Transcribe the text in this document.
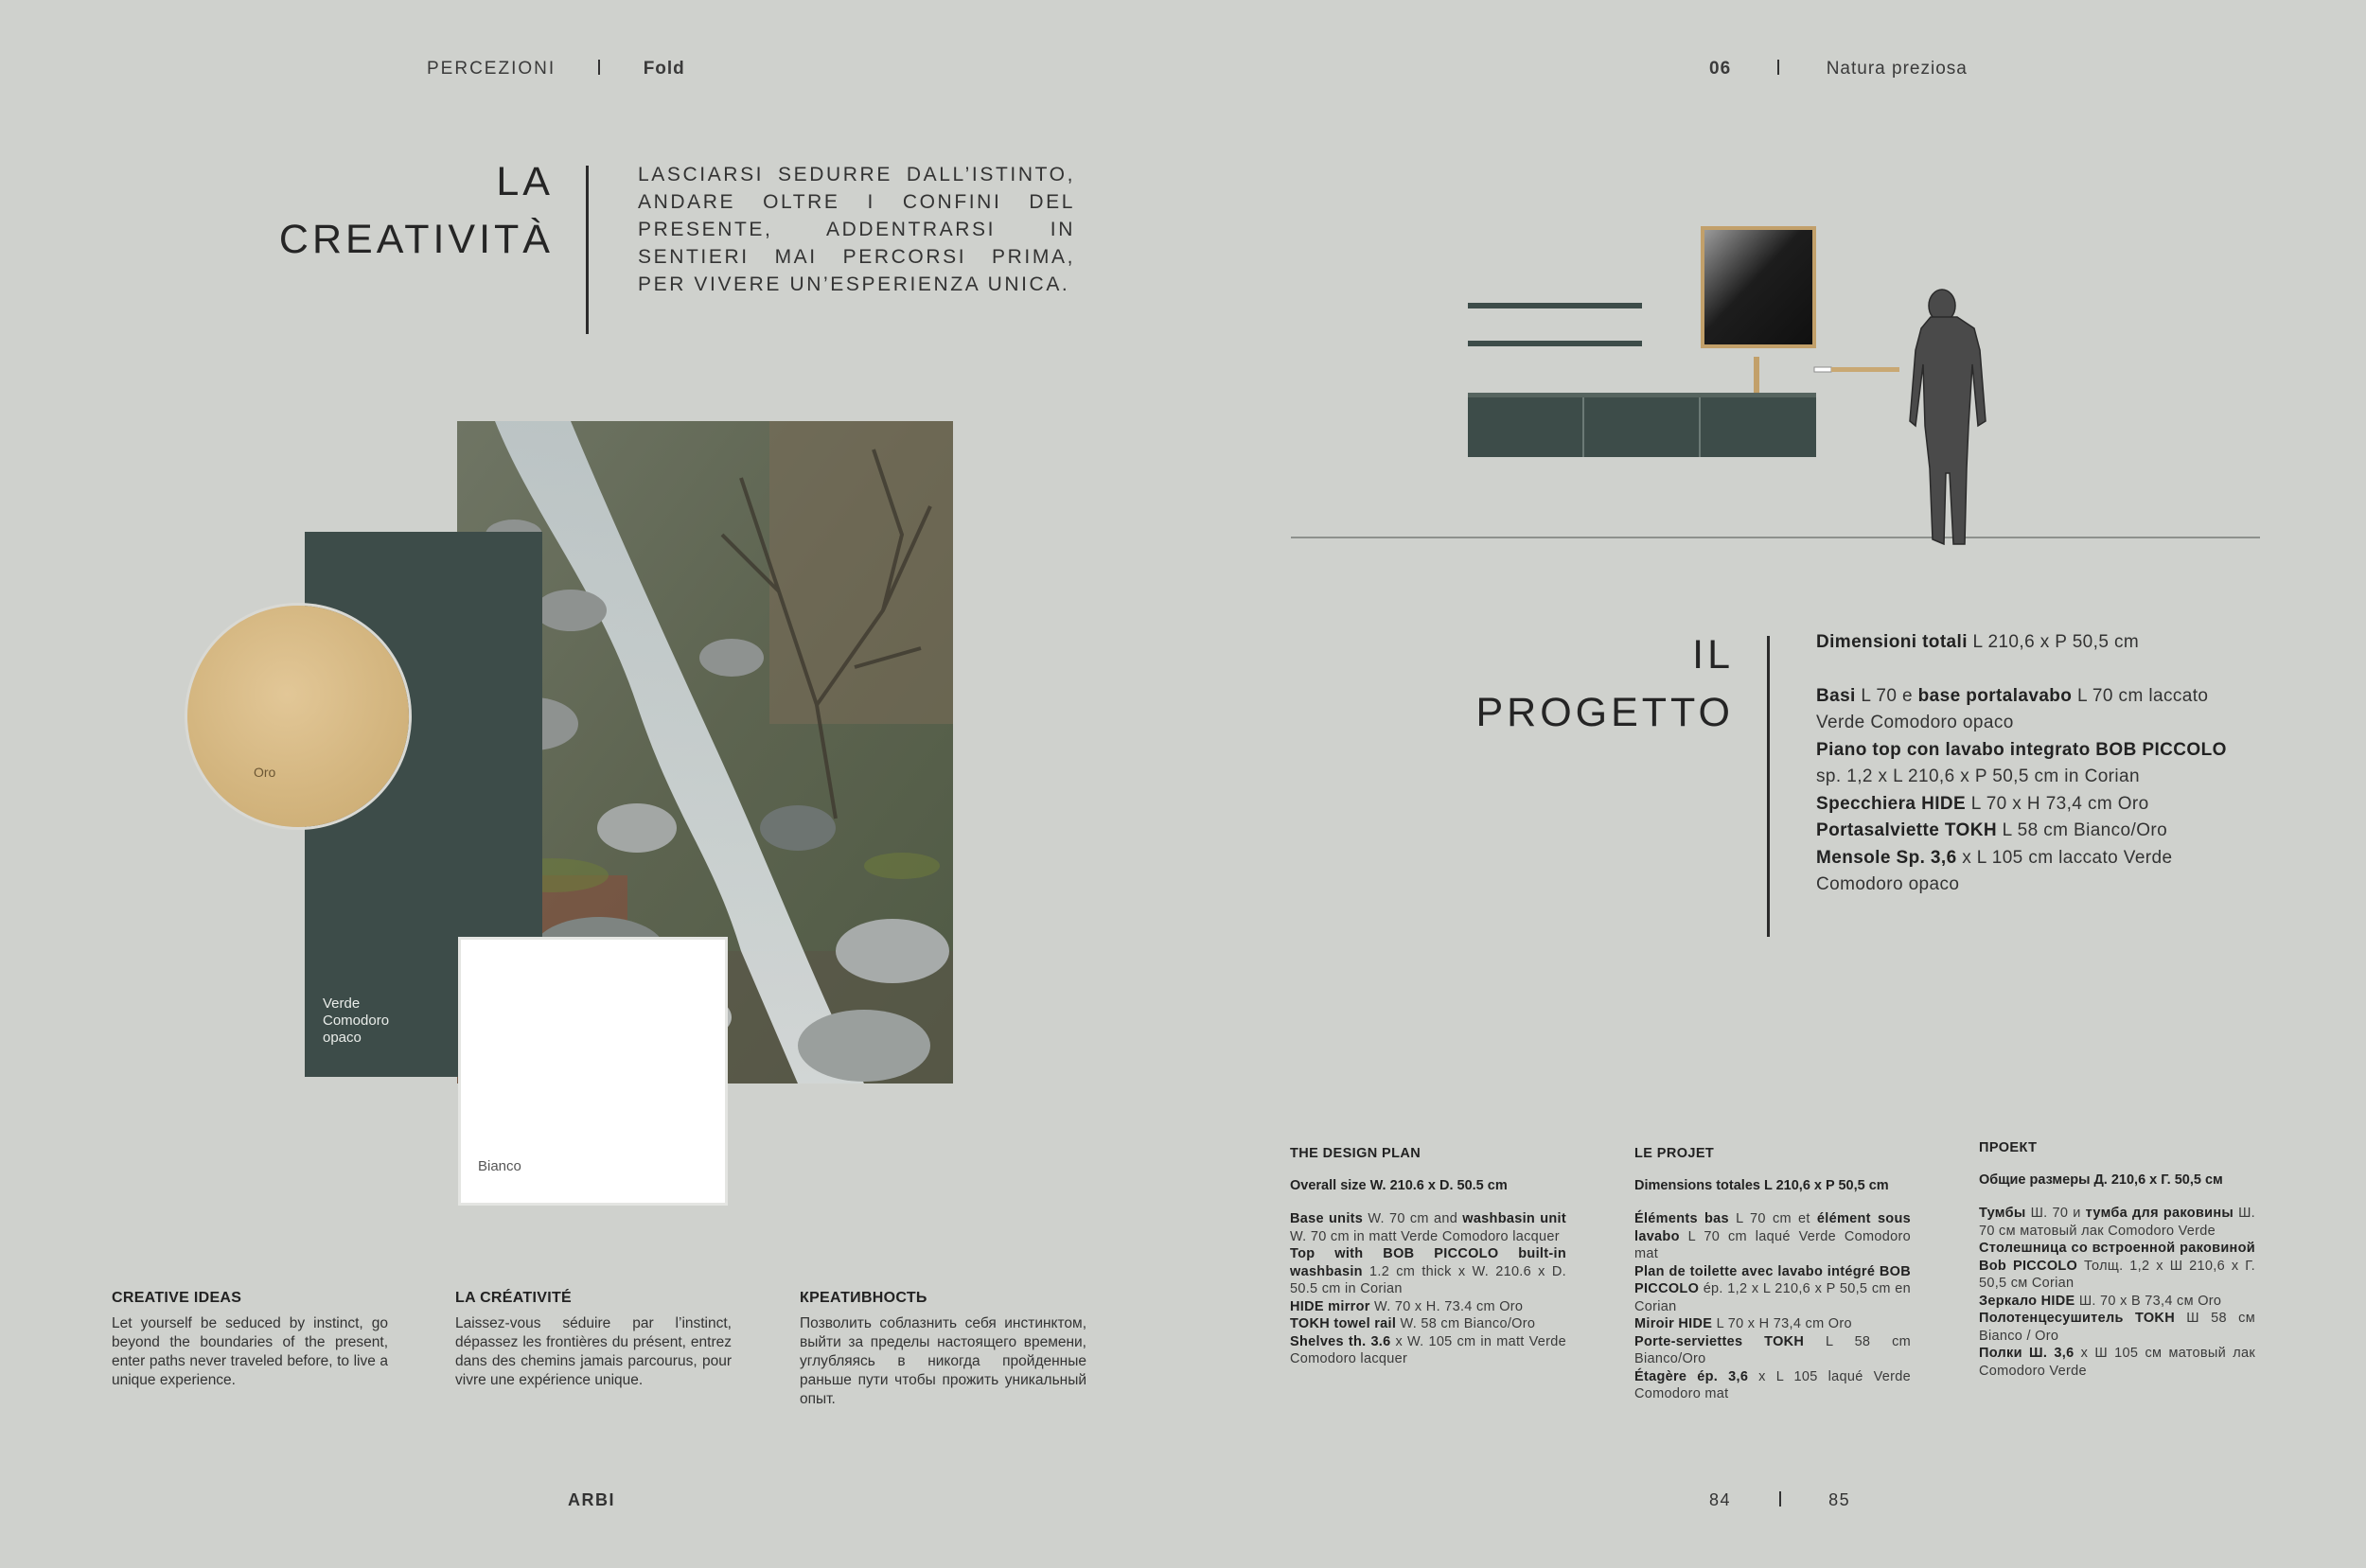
PERCEZIONI	Fold	06	Natura preziosa
LA
CREATIVITÀ
LASCIARSI SEDURRE DALL’ISTINTO, ANDARE OLTRE I CONFINI DEL PRESENTE, ADDENTRARSI IN SENTIERI MAI PERCORSI PRIMA, PER VIVERE UN’ESPERIENZA UNICA.
Verde Comodoro opaco
Oro
Bianco
IL
PROGETTO
Dimensioni totali L 210,6 x P 50,5 cm
Basi L 70 e base portalavabo L 70 cm laccato Verde Comodoro opaco
Piano top con lavabo integrato BOB PICCOLO sp. 1,2 x L 210,6 x P 50,5 cm in Corian
Specchiera HIDE L 70 x H 73,4 cm Oro
Portasalviette TOKH L 58 cm Bianco/Oro
Mensole Sp. 3,6 x L 105 cm laccato Verde Comodoro opaco
CREATIVE IDEAS

Let yourself be seduced by instinct, go beyond the boundaries of the present, enter paths never traveled before, to live a unique experience.

LA CRÉATIVITÉ

Laissez-vous séduire par l’instinct, dépassez les frontières du présent, entrez dans des chemins jamais parcourus, pour vivre une expérience unique.

КРЕАТИВНОСТЬ

Позволить соблазнить себя инстинктом, выйти за пределы настоящего времени, углубляясь в никогда пройденные раньше пути чтобы прожить уникальный опыт.

THE DESIGN PLAN
Overall size W. 210.6 x D. 50.5 cm

Base units W. 70 cm and washbasin unit W. 70 cm in matt Verde Comodoro lacquer
Top with BOB PICCOLO built-in washbasin 1.2 cm thick x W. 210.6 x D. 50.5 cm in Corian
HIDE mirror W. 70 x H. 73.4 cm Oro
TOKH towel rail W. 58 cm Bianco/Oro
Shelves th. 3.6 x W. 105 cm in matt Verde Comodoro lacquer

LE PROJET
Dimensions totales L 210,6 x P 50,5 cm

Éléments bas L 70 cm et élément sous lavabo L 70 cm laqué Verde Comodoro mat
Plan de toilette avec lavabo intégré BOB PICCOLO ép. 1,2 x L 210,6 x P 50,5 cm en Corian
Miroir HIDE L 70 x H 73,4 cm Oro
Porte-serviettes TOKH L 58 cm Bianco/Oro
Étagère ép. 3,6 x L 105 laqué Verde Comodoro mat

ПРОЕКТ
Общие размеры Д. 210,6 x Г. 50,5 см

Тумбы Ш. 70 и тумба для раковины Ш. 70 см матовый лак Comodoro Verde
Столешница со встроенной раковиной Bob PICCOLO Толщ. 1,2 x Ш 210,6 x Г. 50,5 см Corian
Зеркало HIDE Ш. 70 x В 73,4 см Oro
Полотенцесушитель TOKH Ш 58 см Bianco / Oro
Полки Ш. 3,6 x Ш 105 см матовый лак Comodoro Verde

ARBI	84	85
